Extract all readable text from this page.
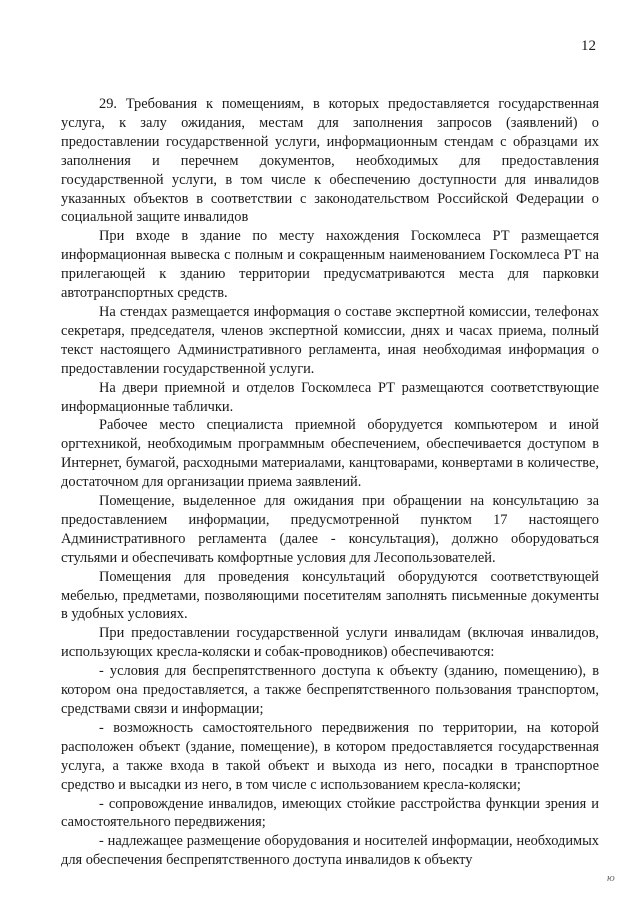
12

29. Требования к помещениям, в которых предоставляется государственная услуга, к залу ожидания, местам для заполнения запросов (заявлений) о предоставлении государственной услуги, информационным стендам с образцами их заполнения и перечнем документов, необходимых для предоставления государственной услуги, в том числе к обеспечению доступности для инвалидов указанных объектов в соответствии с законодательством Российской Федерации о социальной защите инвалидов

При входе в здание по месту нахождения Госкомлеса РТ размещается информационная вывеска с полным и сокращенным наименованием Госкомлеса РТ на прилегающей к зданию территории предусматриваются места для парковки автотранспортных средств.

На стендах размещается информация о составе экспертной комиссии, телефонах секретаря, председателя, членов экспертной комиссии, днях и часах приема, полный текст настоящего Административного регламента, иная необходимая информация о предоставлении государственной услуги.

На двери приемной и отделов Госкомлеса РТ размещаются соответствующие информационные таблички.

Рабочее место специалиста приемной оборудуется компьютером и иной оргтехникой, необходимым программным обеспечением, обеспечивается доступом в Интернет, бумагой, расходными материалами, канцтоварами, конвертами в количестве, достаточном для организации приема заявлений.

Помещение, выделенное для ожидания при обращении на консультацию за предоставлением информации, предусмотренной пунктом 17 настоящего Административного регламента (далее - консультация), должно оборудоваться стульями и обеспечивать комфортные условия для Лесопользователей.

Помещения для проведения консультаций оборудуются соответствующей мебелью, предметами, позволяющими посетителям заполнять письменные документы в удобных условиях.

При предоставлении государственной услуги инвалидам (включая инвалидов, использующих кресла-коляски и собак-проводников) обеспечиваются:

- условия для беспрепятственного доступа к объекту (зданию, помещению), в котором она предоставляется, а также беспрепятственного пользования транспортом, средствами связи и информации;

- возможность самостоятельного передвижения по территории, на которой расположен объект (здание, помещение), в котором предоставляется государственная услуга, а также входа в такой объект и выхода из него, посадки в транспортное средство и высадки из него, в том числе с использованием кресла-коляски;

- сопровождение инвалидов, имеющих стойкие расстройства функции зрения и самостоятельного передвижения;

- надлежащее размещение оборудования и носителей информации, необходимых для обеспечения беспрепятственного доступа инвалидов к объекту

ю
